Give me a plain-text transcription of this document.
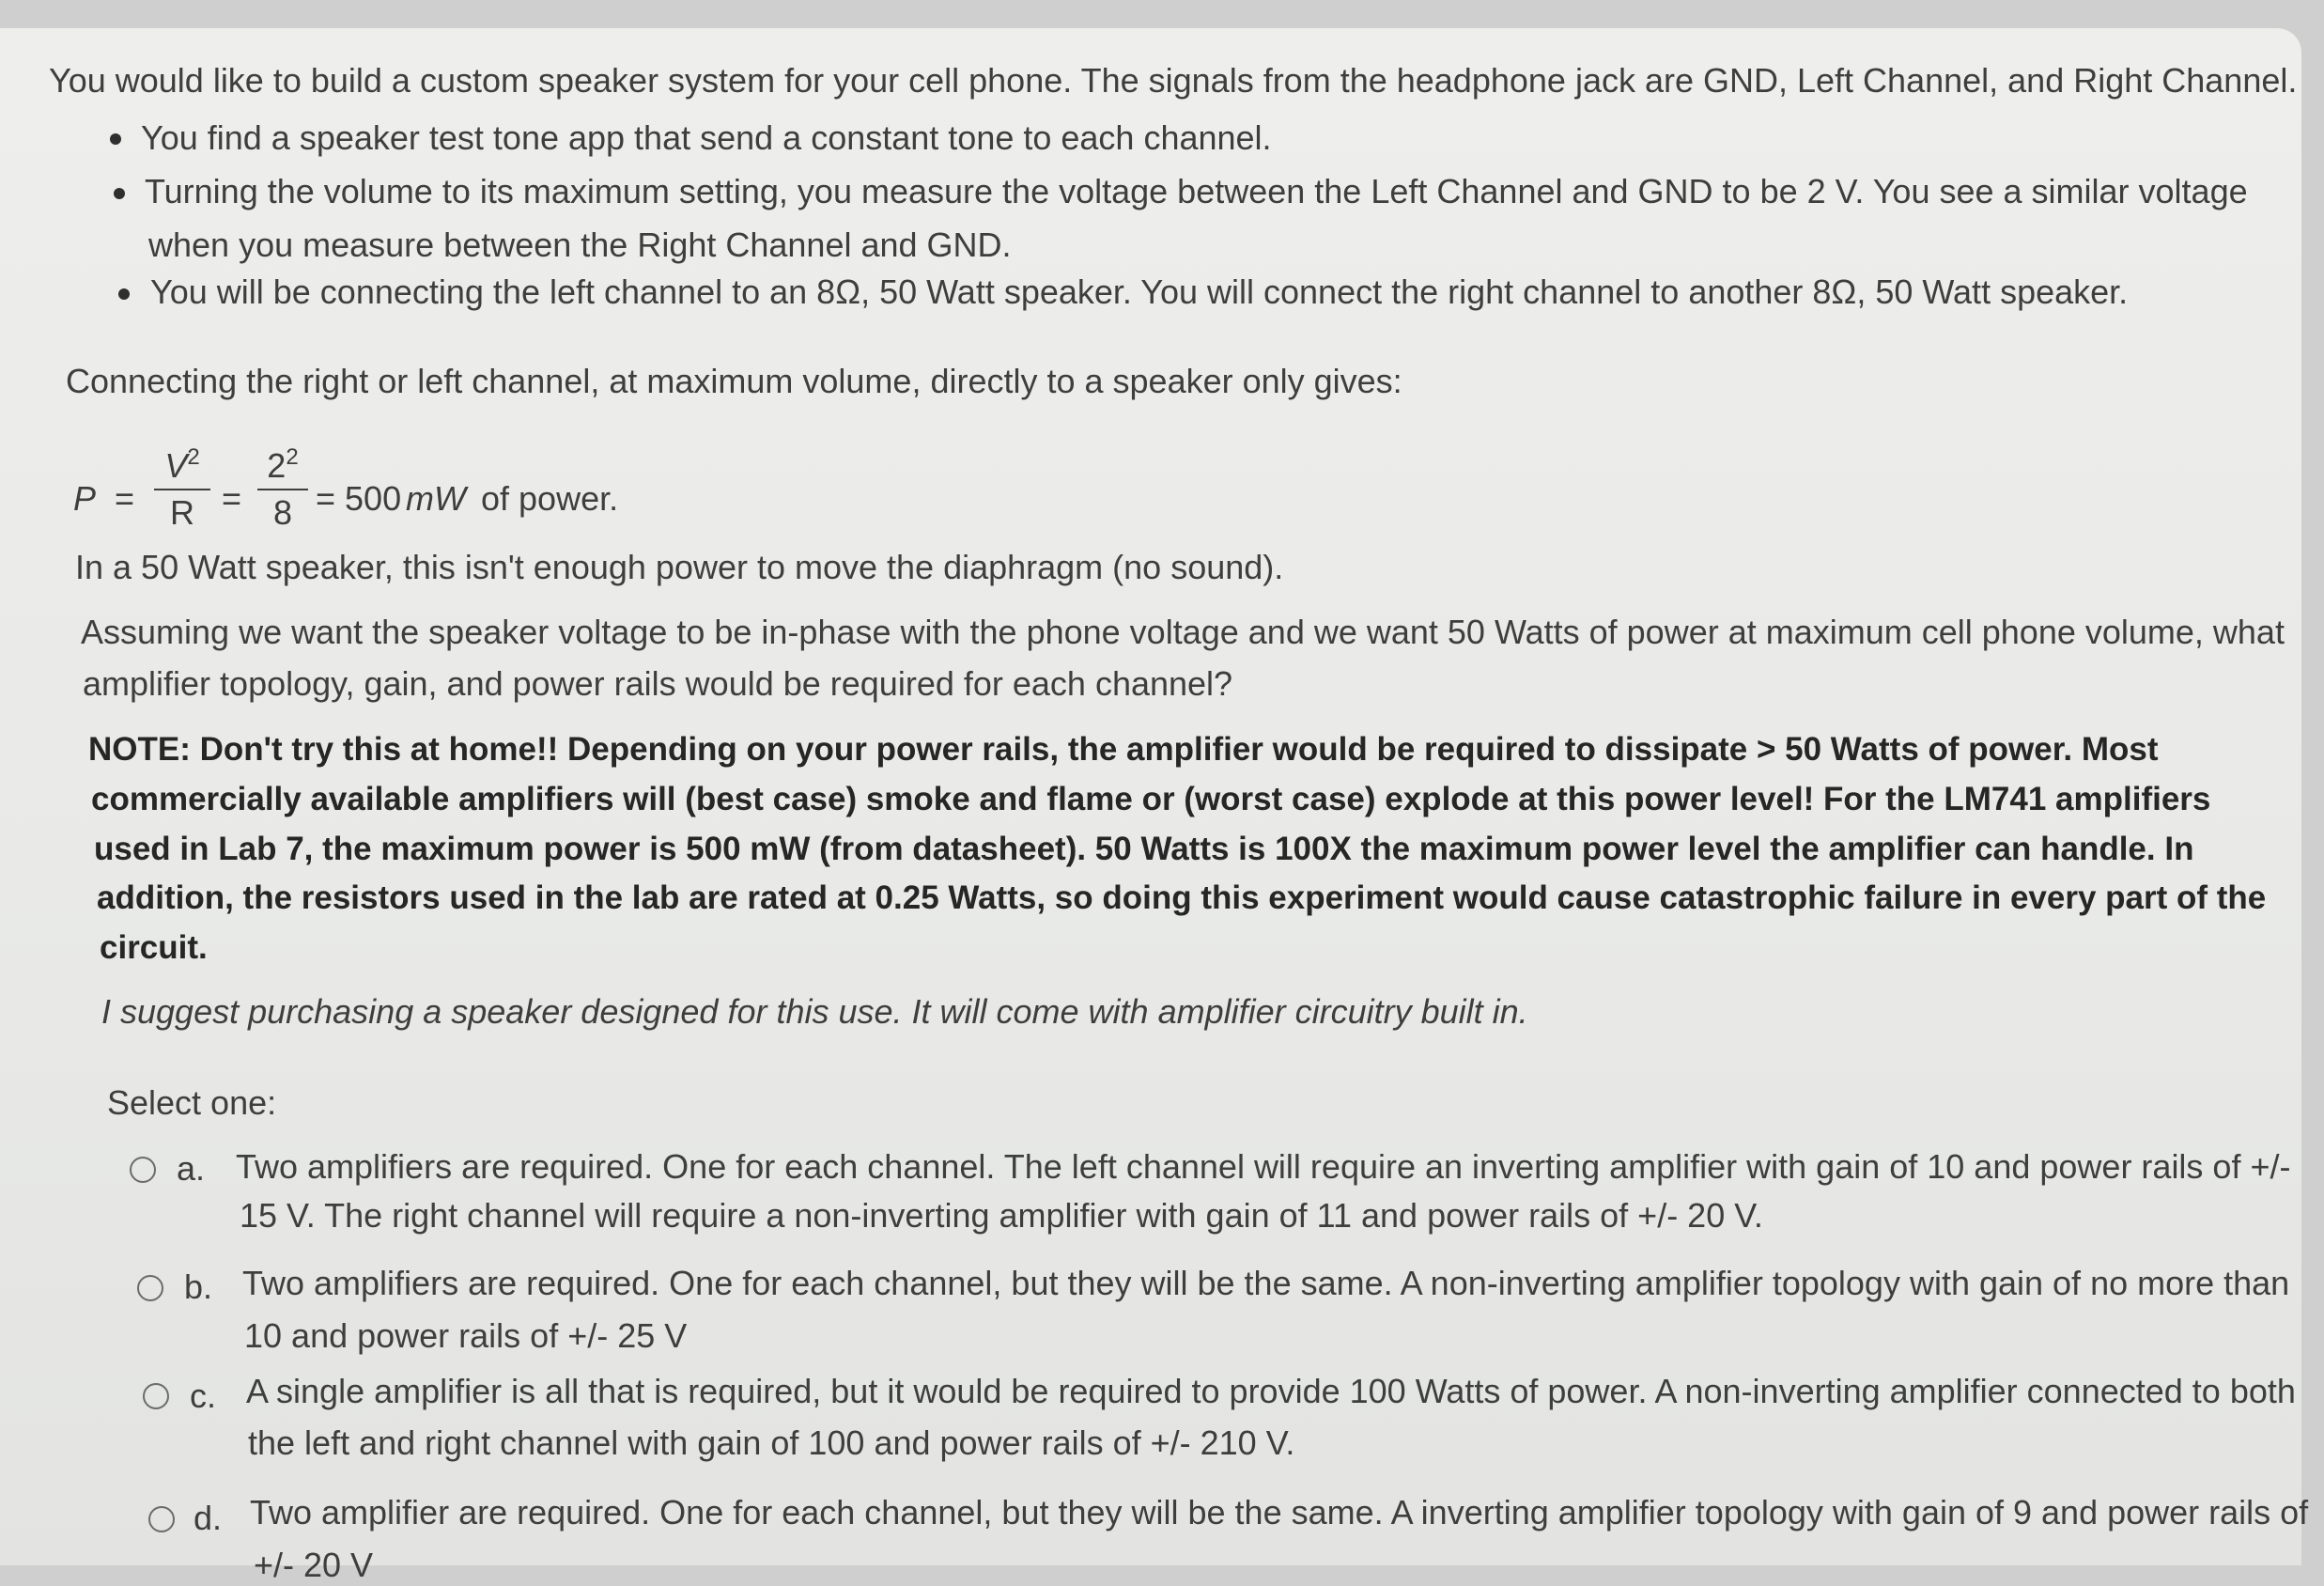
You would like to build a custom speaker system for your cell phone. The signals from the headphone jack are GND, Left Channel, and Right Channel.
You find a speaker test tone app that send a constant tone to each channel.
Turning the volume to its maximum setting, you measure the voltage between the Left Channel and GND to be 2 V. You see a similar voltage
when you measure between the Right Channel and GND.
You will be connecting the left channel to an 8Ω, 50 Watt speaker. You will connect the right channel to another 8Ω, 50 Watt speaker.
Connecting the right or left channel, at maximum volume, directly to a speaker only gives:
P =
$V^2$
R =
$2^2$
8 = 500 mW of power.
In a 50 Watt speaker, this isn't enough power to move the diaphragm (no sound).
Assuming we want the speaker voltage to be in-phase with the phone voltage and we want 50 Watts of power at maximum cell phone volume, what
amplifier topology, gain, and power rails would be required for each channel?
NOTE: Don't try this at home!! Depending on your power rails, the amplifier would be required to dissipate > 50 Watts of power. Most
commercially available amplifiers will (best case) smoke and flame or (worst case) explode at this power level! For the LM741 amplifiers
used in Lab 7, the maximum power is 500 mW (from datasheet). 50 Watts is 100X the maximum power level the amplifier can handle. In
addition, the resistors used in the lab are rated at 0.25 Watts, so doing this experiment would cause catastrophic failure in every part of the
circuit.
I suggest purchasing a speaker designed for this use. It will come with amplifier circuitry built in.
Select one:
a. Two amplifiers are required. One for each channel. The left channel will require an inverting amplifier with gain of 10 and power rails of +/-
15 V. The right channel will require a non-inverting amplifier with gain of 11 and power rails of +/- 20 V.
b. Two amplifiers are required. One for each channel, but they will be the same. A non-inverting amplifier topology with gain of no more than
10 and power rails of +/- 25 V
c. A single amplifier is all that is required, but it would be required to provide 100 Watts of power. A non-inverting amplifier connected to both
the left and right channel with gain of 100 and power rails of +/- 210 V.
d. Two amplifier are required. One for each channel, but they will be the same. A inverting amplifier topology with gain of 9 and power rails of
+/- 20 V
